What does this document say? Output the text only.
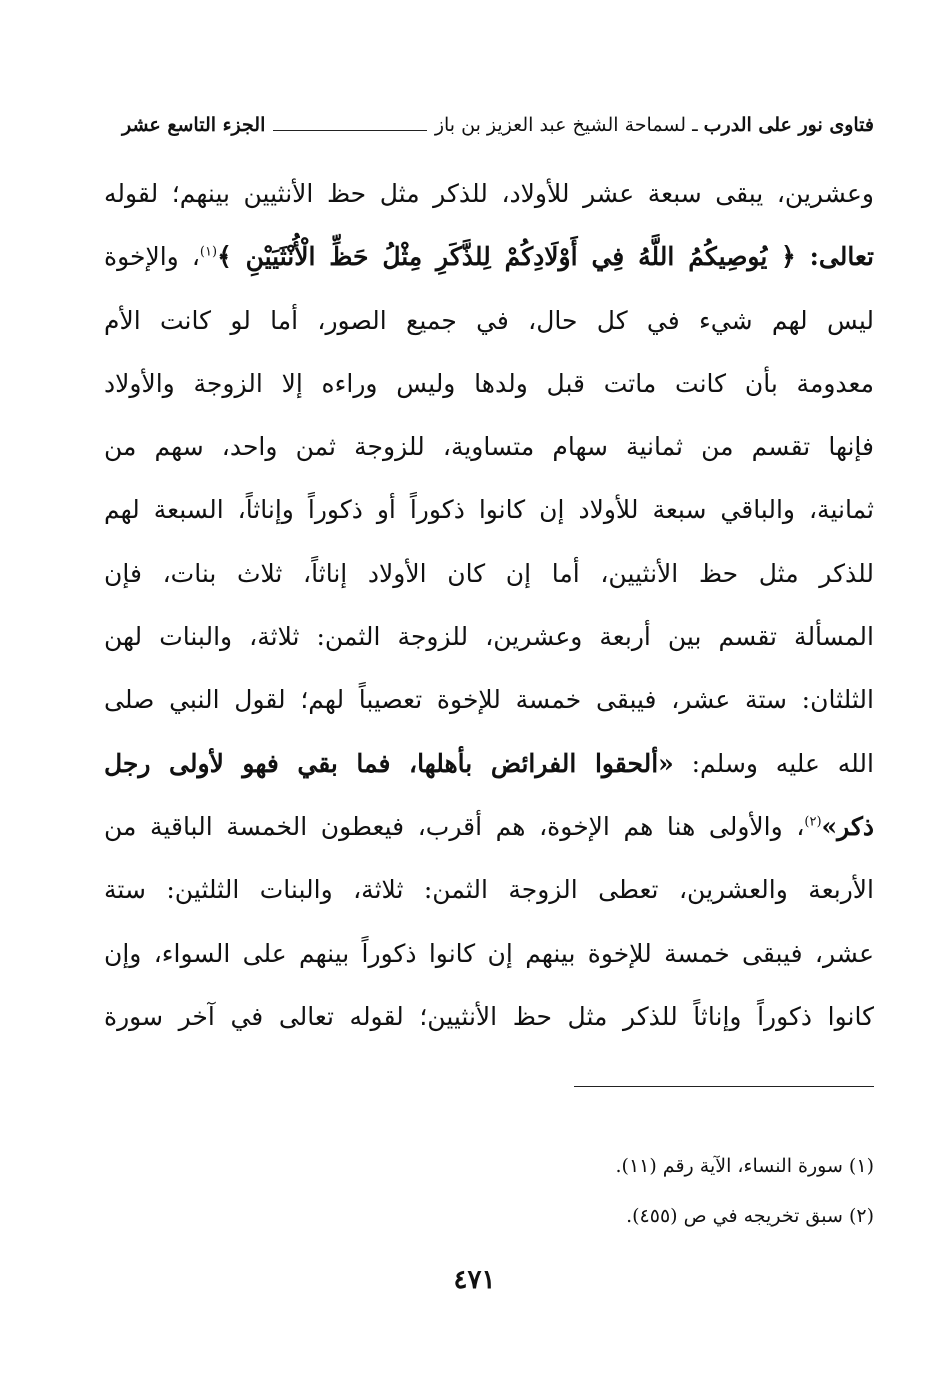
فتاوى نور على الدرب
ـ لسماحة الشيخ عبد العزيز بن باز
الجزء التاسع عشر
وعشرين، يبقى سبعة عشر للأولاد، للذكر مثل حظ الأنثيين بينهم؛ لقوله
تعالى: ﴿ يُوصِيكُمُ اللَّهُ فِي أَوْلَادِكُمْ لِلذَّكَرِ مِثْلُ حَظِّ الْأُنْثَيَيْنِ ﴾$^{(١)}$، والإخوة
ليس لهم شيء في كل حال، في جميع الصور، أما لو كانت الأم
معدومة بأن كانت ماتت قبل ولدها وليس وراءه إلا الزوجة والأولاد
فإنها تقسم من ثمانية سهام متساوية، للزوجة ثمن واحد، سهم من
ثمانية، والباقي سبعة للأولاد إن كانوا ذكوراً أو ذكوراً وإناثاً، السبعة لهم
للذكر مثل حظ الأنثيين، أما إن كان الأولاد إناثاً، ثلاث بنات، فإن
المسألة تقسم بين أربعة وعشرين، للزوجة الثمن: ثلاثة، والبنات لهن
الثلثان: ستة عشر، فيبقى خمسة للإخوة تعصيباً لهم؛ لقول النبي صلى
الله عليه وسلم: «ألحقوا الفرائض بأهلها، فما بقي فهو لأولى رجل
ذكر»$^{(٢)}$، والأولى هنا هم الإخوة، هم أقرب، فيعطون الخمسة الباقية من
الأربعة والعشرين، تعطى الزوجة الثمن: ثلاثة، والبنات الثلثين: ستة
عشر، فيبقى خمسة للإخوة بينهم إن كانوا ذكوراً بينهم على السواء، وإن
كانوا ذكوراً وإناثاً للذكر مثل حظ الأنثيين؛ لقوله تعالى في آخر سورة
(١) سورة النساء، الآية رقم (١١).
(٢) سبق تخريجه في ص (٤٥٥).
٤٧١
